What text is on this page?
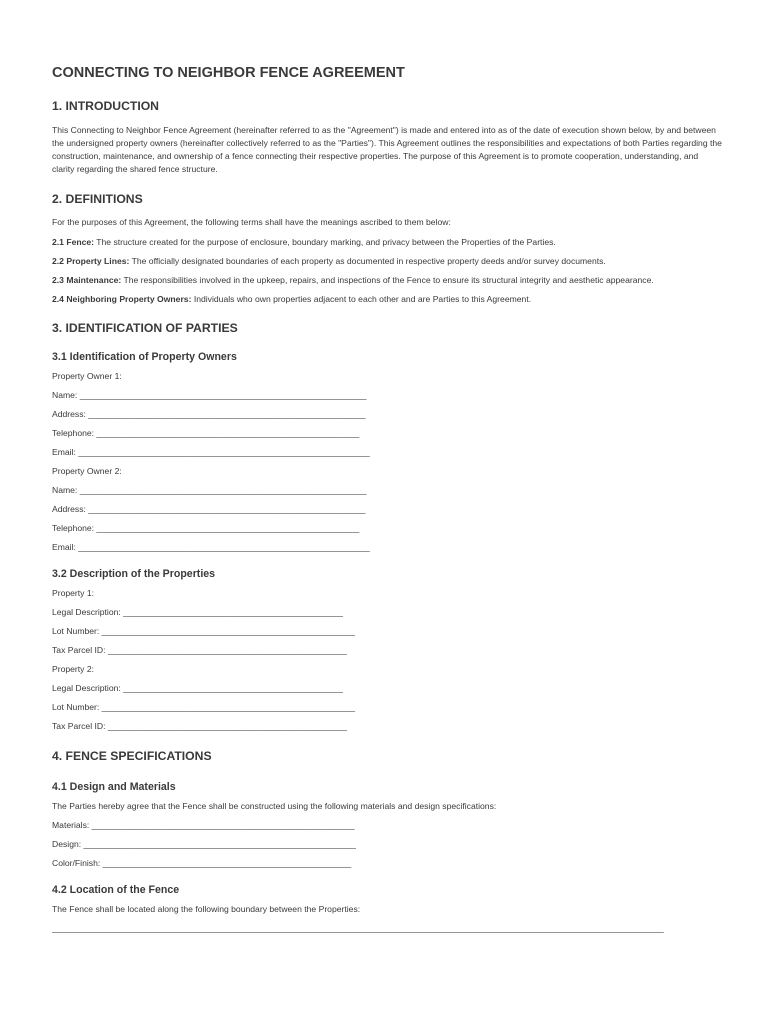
CONNECTING TO NEIGHBOR FENCE AGREEMENT
1. INTRODUCTION

This Connecting to Neighbor Fence Agreement (hereinafter referred to as the "Agreement") is made and entered into as of the date of execution shown below, by and between the undersigned property owners (hereinafter collectively referred to as the "Parties"). This Agreement outlines the responsibilities and expectations of both Parties regarding the construction, maintenance, and ownership of a fence connecting their respective properties. The purpose of this Agreement is to promote cooperation, understanding, and clarity regarding the shared fence structure.

2. DEFINITIONS

For the purposes of this Agreement, the following terms shall have the meanings ascribed to them below:

2.1 Fence: The structure created for the purpose of enclosure, boundary marking, and privacy between the Properties of the Parties.

2.2 Property Lines: The officially designated boundaries of each property as documented in respective property deeds and/or survey documents.

2.3 Maintenance: The responsibilities involved in the upkeep, repairs, and inspections of the Fence to ensure its structural integrity and aesthetic appearance.

2.4 Neighboring Property Owners: Individuals who own properties adjacent to each other and are Parties to this Agreement.

3. IDENTIFICATION OF PARTIES
3.1 Identification of Property Owners

Property Owner 1:

Name: ____________________________________________________________

Address: __________________________________________________________

Telephone: _______________________________________________________

Email: _____________________________________________________________

Property Owner 2:

Name: ____________________________________________________________

Address: __________________________________________________________

Telephone: _______________________________________________________

Email: _____________________________________________________________

3.2 Description of the Properties

Property 1:

Legal Description: ______________________________________________

Lot Number: _____________________________________________________

Tax Parcel ID: __________________________________________________

Property 2:

Legal Description: ______________________________________________

Lot Number: _____________________________________________________

Tax Parcel ID: __________________________________________________

4. FENCE SPECIFICATIONS
4.1 Design and Materials

The Parties hereby agree that the Fence shall be constructed using the following materials and design specifications:

Materials: _______________________________________________________

Design: _________________________________________________________

Color/Finish: ____________________________________________________

4.2 Location of the Fence

The Fence shall be located along the following boundary between the Properties:

________________________________________________________________________________________________________________________________
